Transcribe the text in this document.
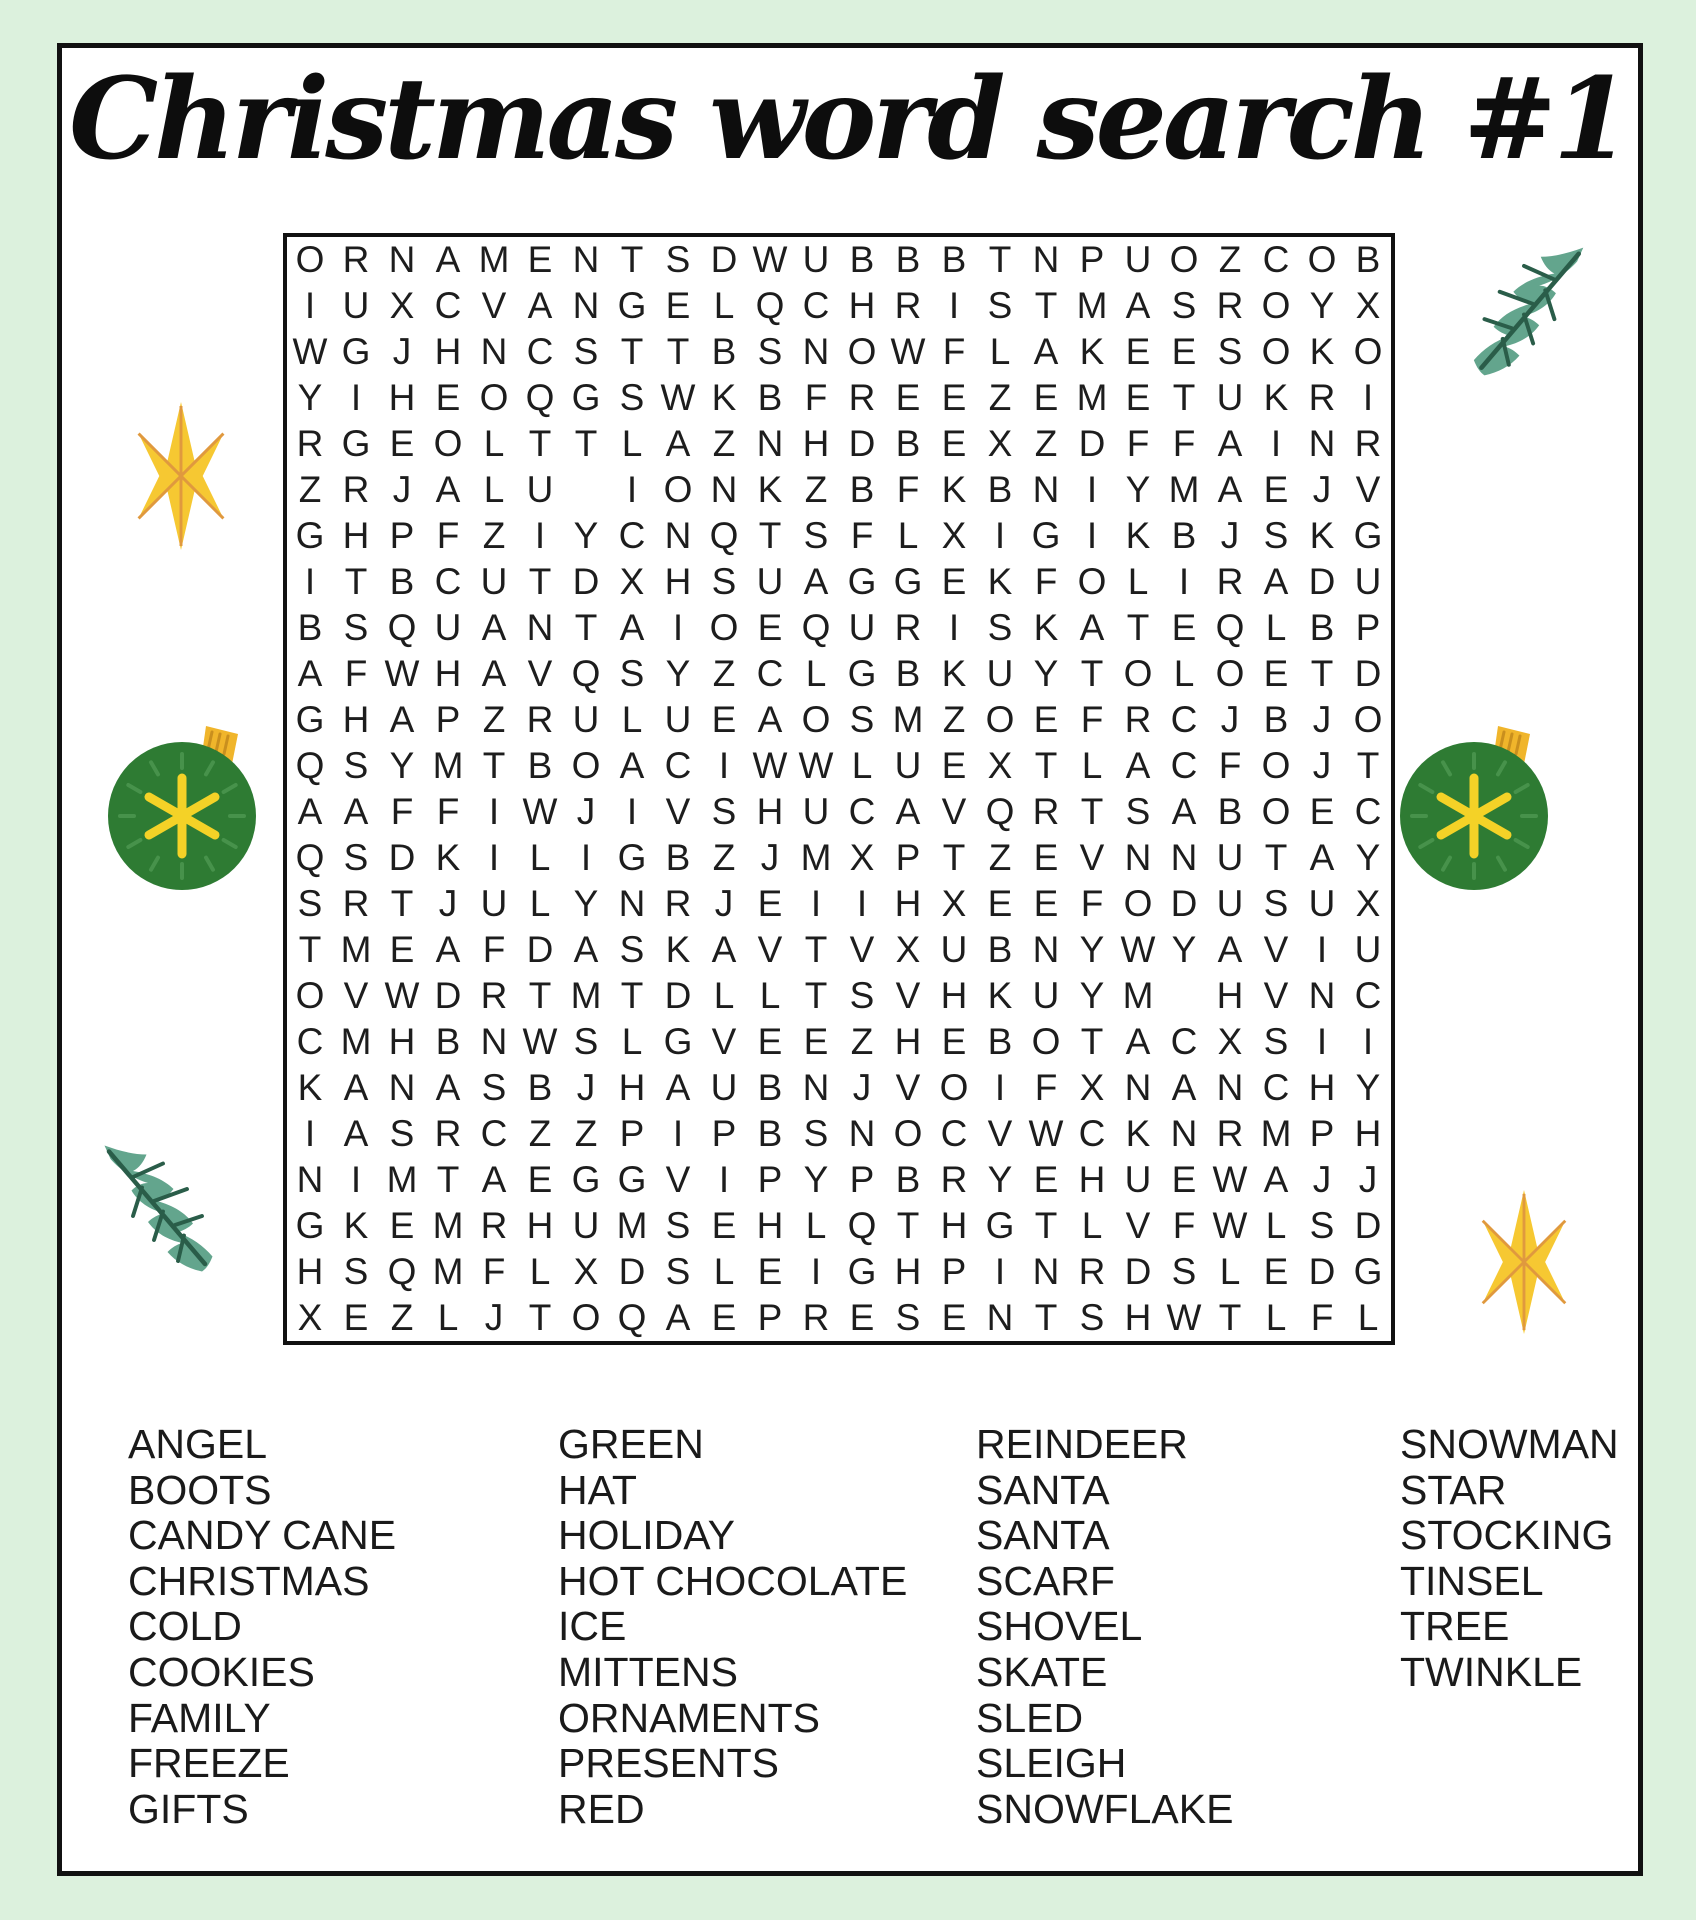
Christmas word search #1
O R N A M E N T S D W U B B B T N P U O Z C O B
I U X C V A N G E L Q C H R I S T M A S R O Y X
W G J H N C S T T B S N O W F L A K E E S O K O
Y I H E O Q G S W K B F R E E Z E M E T U K R I
R G E O L T T L A Z N H D B E X Z D F F A I N R
Z R J A L U
	I O N K Z B F K B N I Y M A E J V
G H P F Z I Y C N Q T S F L X I G I K B J S K G
I T B C U T D X H S U A G G E K F O L I R A D U
B S Q U A N T A I O E Q U R I S K A T E Q L B P
A F W H A V Q S Y Z C L G B K U Y T O L O E T D
G H A P Z R U L U E A O S M Z O E F R C J B J O
Q S Y M T B O A C I W W L U E X T L A C F O J T
A A F F I W J I V S H U C A V Q R T S A B O E C
Q S D K I L I G B Z J M X P T Z E V N N U T A Y
S R T J U L Y N R J E I I H X E E F O D U S U X
T M E A F D A S K A V T V X U B N Y W Y A V I U
O V W D R T M T D L L T S V H K U Y M
H V N C
C M H B N W S L G V E E Z H E B O T A C X S I I
K A N A S B J H A U B N J V O I F X N A N C H Y
I A S R C Z Z P I P B S N O C V W C K N R M P H
N I M T A E G G V I P Y P B R Y E H U E W A J J
G K E M R H U M S E H L Q T H G T L V F W L S D
H S Q M F L X D S L E I G H P I N R D S L E D G
X E Z L J T O Q A E P R E S E N T S H W T L F L
ANGEL
BOOTS
CANDY CANE
CHRISTMAS
COLD
COOKIES
FAMILY
FREEZE
GIFTS
GREEN
HAT
HOLIDAY
HOT CHOCOLATE
ICE
MITTENS
ORNAMENTS
PRESENTS
RED
REINDEER
SANTA
SANTA
SCARF
SHOVEL
SKATE
SLED
SLEIGH
SNOWFLAKE
SNOWMAN
STAR
STOCKING
TINSEL
TREE
TWINKLE
